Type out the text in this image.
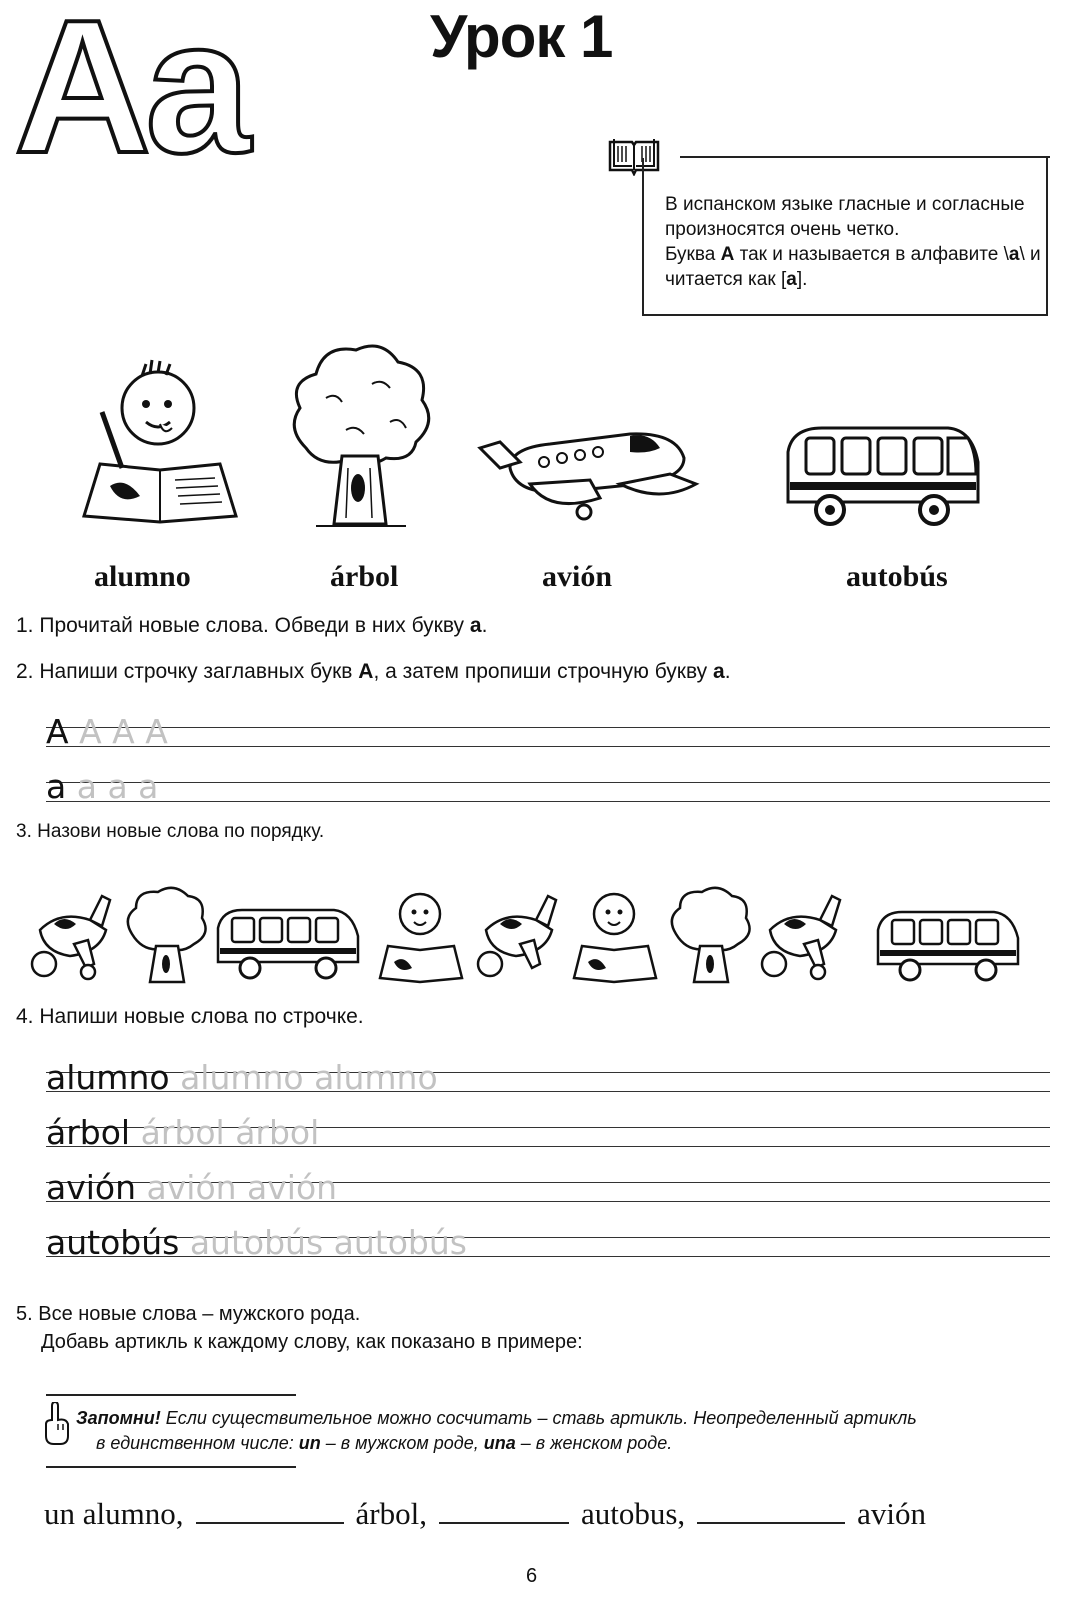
Aa	Урок 1
В испанском языке гласные и согласные произносятся очень четко.
Буква А так и называется в алфавите \а\ и читается как [а].
alumno	árbol	avión	autobús
1. Прочитай новые слова. Обведи в них букву а.
2. Напиши строчку заглавных букв А, а затем пропиши строчную букву а.
A A A A
a a a a
3. Назови новые слова по порядку.
4. Напиши новые слова по строчке.
alumno alumno alumno
árbol árbol árbol
avión avión avión
autobús autobús autobús
5. Все новые слова – мужского рода.
Добавь артикль к каждому слову, как показано в примере:
Запомни! Если существительное можно сосчитать – ставь артикль. Неопределенный артикль
в единственном числе: un – в мужском роде, una – в женском роде.
un alumno,	árbol,	autobus,	avión
6
